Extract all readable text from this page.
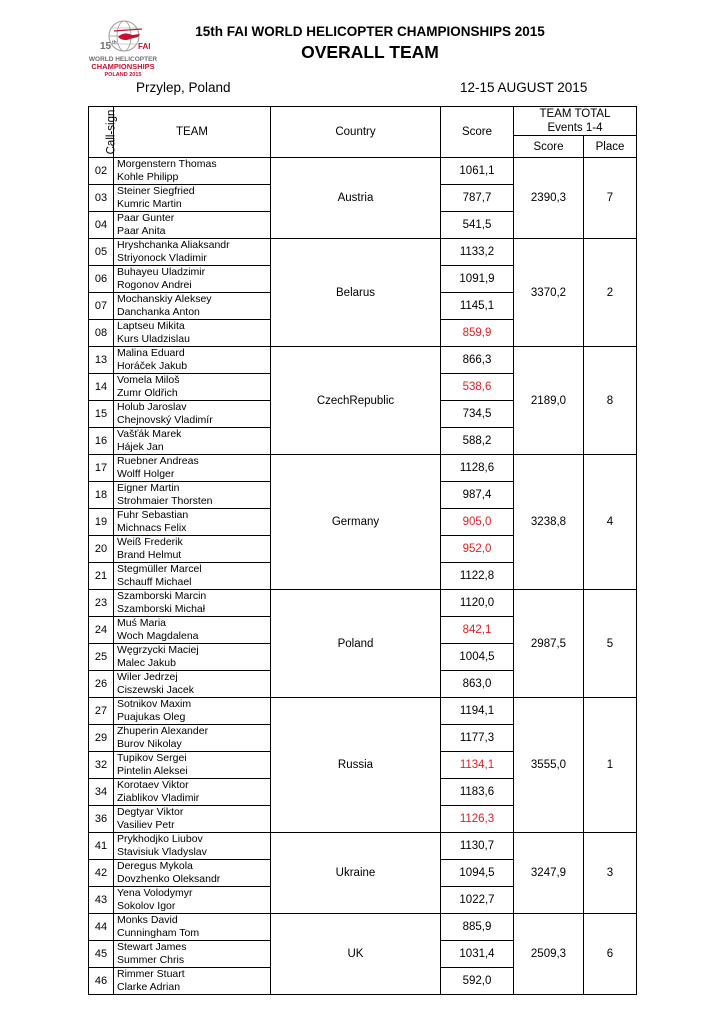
15 th	FAI
WORLD HELICOPTER
CHAMPIONSHIPS
POLAND 2015
15th FAI WORLD HELICOPTER CHAMPIONSHIPS 2015
OVERALL TEAM
Przylep, Poland	12-15 AUGUST 2015
Call-sign	TEAM	Country	Score	TEAM TOTAL
Events 1-4	

				Score	Place
02	Morgenstern Thomas
Kohle Philipp	Austria	1061,1	2390,3	7
03	Steiner Siegfried
Kumric Martin		787,7		
04	Paar Gunter
Paar Anita		541,5		
05	Hryshchanka Aliaksandr
Striyonock Vladimir	Belarus	1133,2	3370,2	2
06	Buhayeu Uladzimir
Rogonov Andrei		1091,9		
07	Mochanskiy Aleksey
Danchanka Anton		1145,1		
08	Laptseu Mikita
Kurs Uladzislau		859,9		
13	Malina Eduard
Horáček Jakub	CzechRepublic	866,3	2189,0	8
14	Vomela Miloš
Zumr Oldřich		538,6		
15	Holub Jaroslav
Chejnovský Vladimír		734,5		
16	Vašťák Marek
Hájek Jan		588,2		
17	Ruebner Andreas
Wolff Holger	Germany	1128,6	3238,8	4
18	Eigner Martin
Strohmaier Thorsten		987,4		
19	Fuhr Sebastian
Michnacs Felix		905,0		
20	Weiß Frederik
Brand Helmut		952,0		
21	Stegmüller Marcel
Schauff Michael		1122,8		
23	Szamborski Marcin
Szamborski Michał	Poland	1120,0	2987,5	5
24	Muś Maria
Woch Magdalena		842,1		
25	Węgrzycki Maciej
Malec Jakub		1004,5		
26	Wiler Jedrzej
Ciszewski Jacek		863,0		
27	Sotnikov Maxim
Puajukas Oleg	Russia	1194,1	3555,0	1
29	Zhuperin Alexander
Burov Nikolay		1177,3		
32	Tupikov Sergei
Pintelin Aleksei		1134,1		
34	Korotaev Viktor
Ziablikov Vladimir		1183,6		
36	Degtyar Viktor
Vasiliev Petr		1126,3		
41	Prykhodjko Liubov
Stavisiuk Vladyslav	Ukraine	1130,7	3247,9	3
42	Deregus Mykola
Dovzhenko Oleksandr		1094,5		
43	Yena Volodymyr
Sokolov Igor		1022,7		
44	Monks David
Cunningham Tom	UK	885,9	2509,3	6
45	Stewart James
Summer Chris		1031,4		
46	Rimmer Stuart
Clarke Adrian		592,0		
